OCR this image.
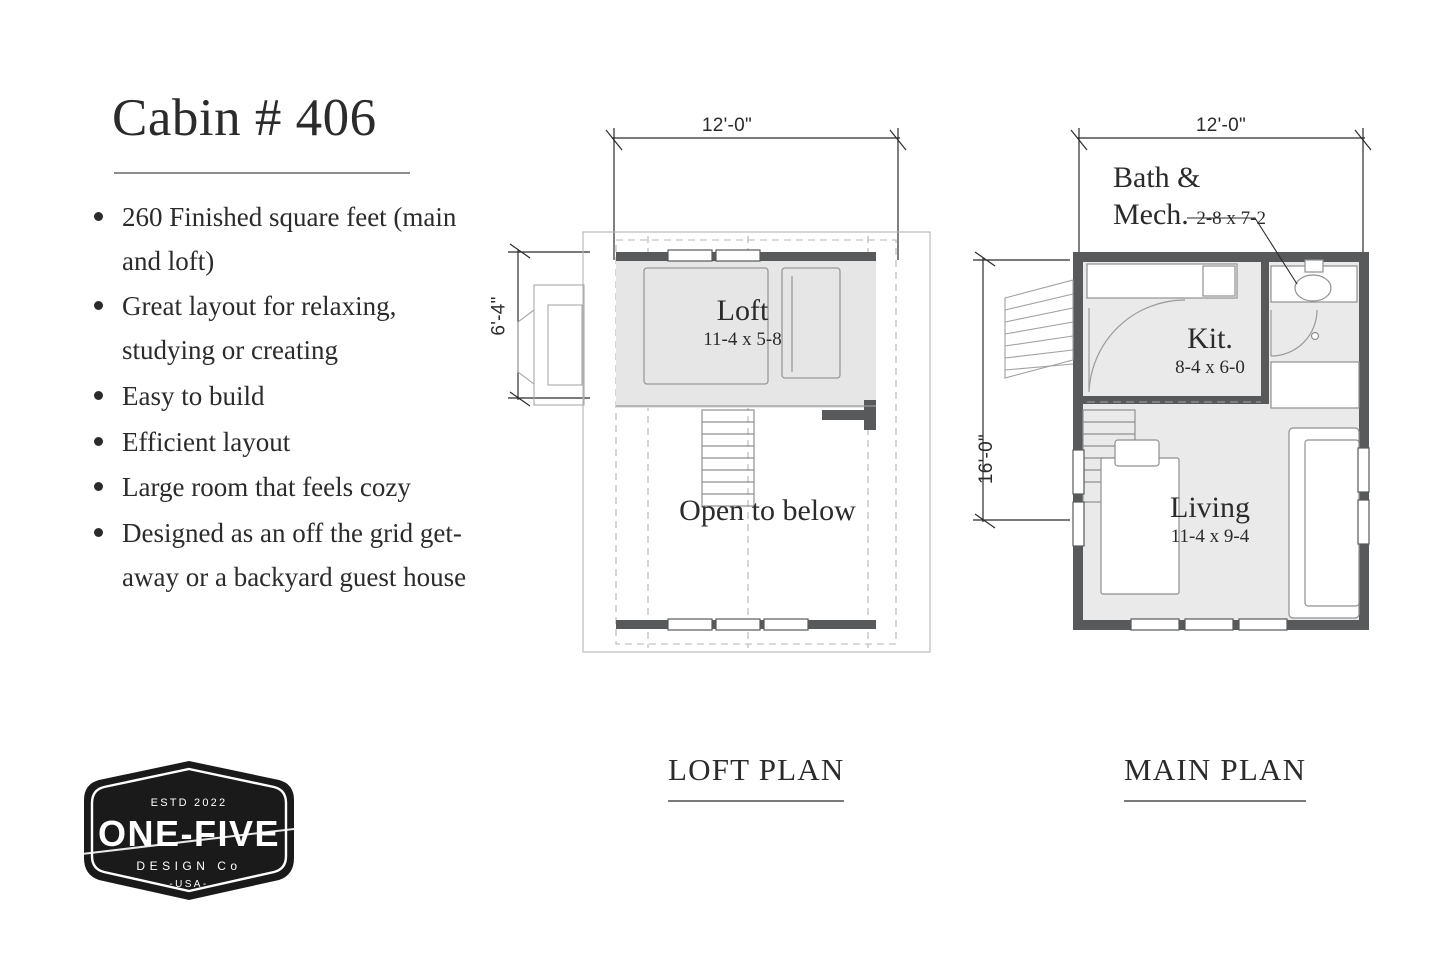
Cabin # 406
260 Finished square feet (main and loft)
Great layout for relaxing, studying or creating
Easy to build
Efficient layout
Large room that feels cozy
Designed as an off the grid get-away or a backyard guest house
ESTD 2022
ONE-FIVE
DESIGN Co
-USA-
12'-0"
6'-4"	Loft
11-4 x 5-8
Open to below
12'-0"
16'-0"
Bath &
Mech. 2-8 x 7-2
Kit.
8-4 x 6-0
Living
11-4 x 9-4
LOFT PLAN	MAIN PLAN
